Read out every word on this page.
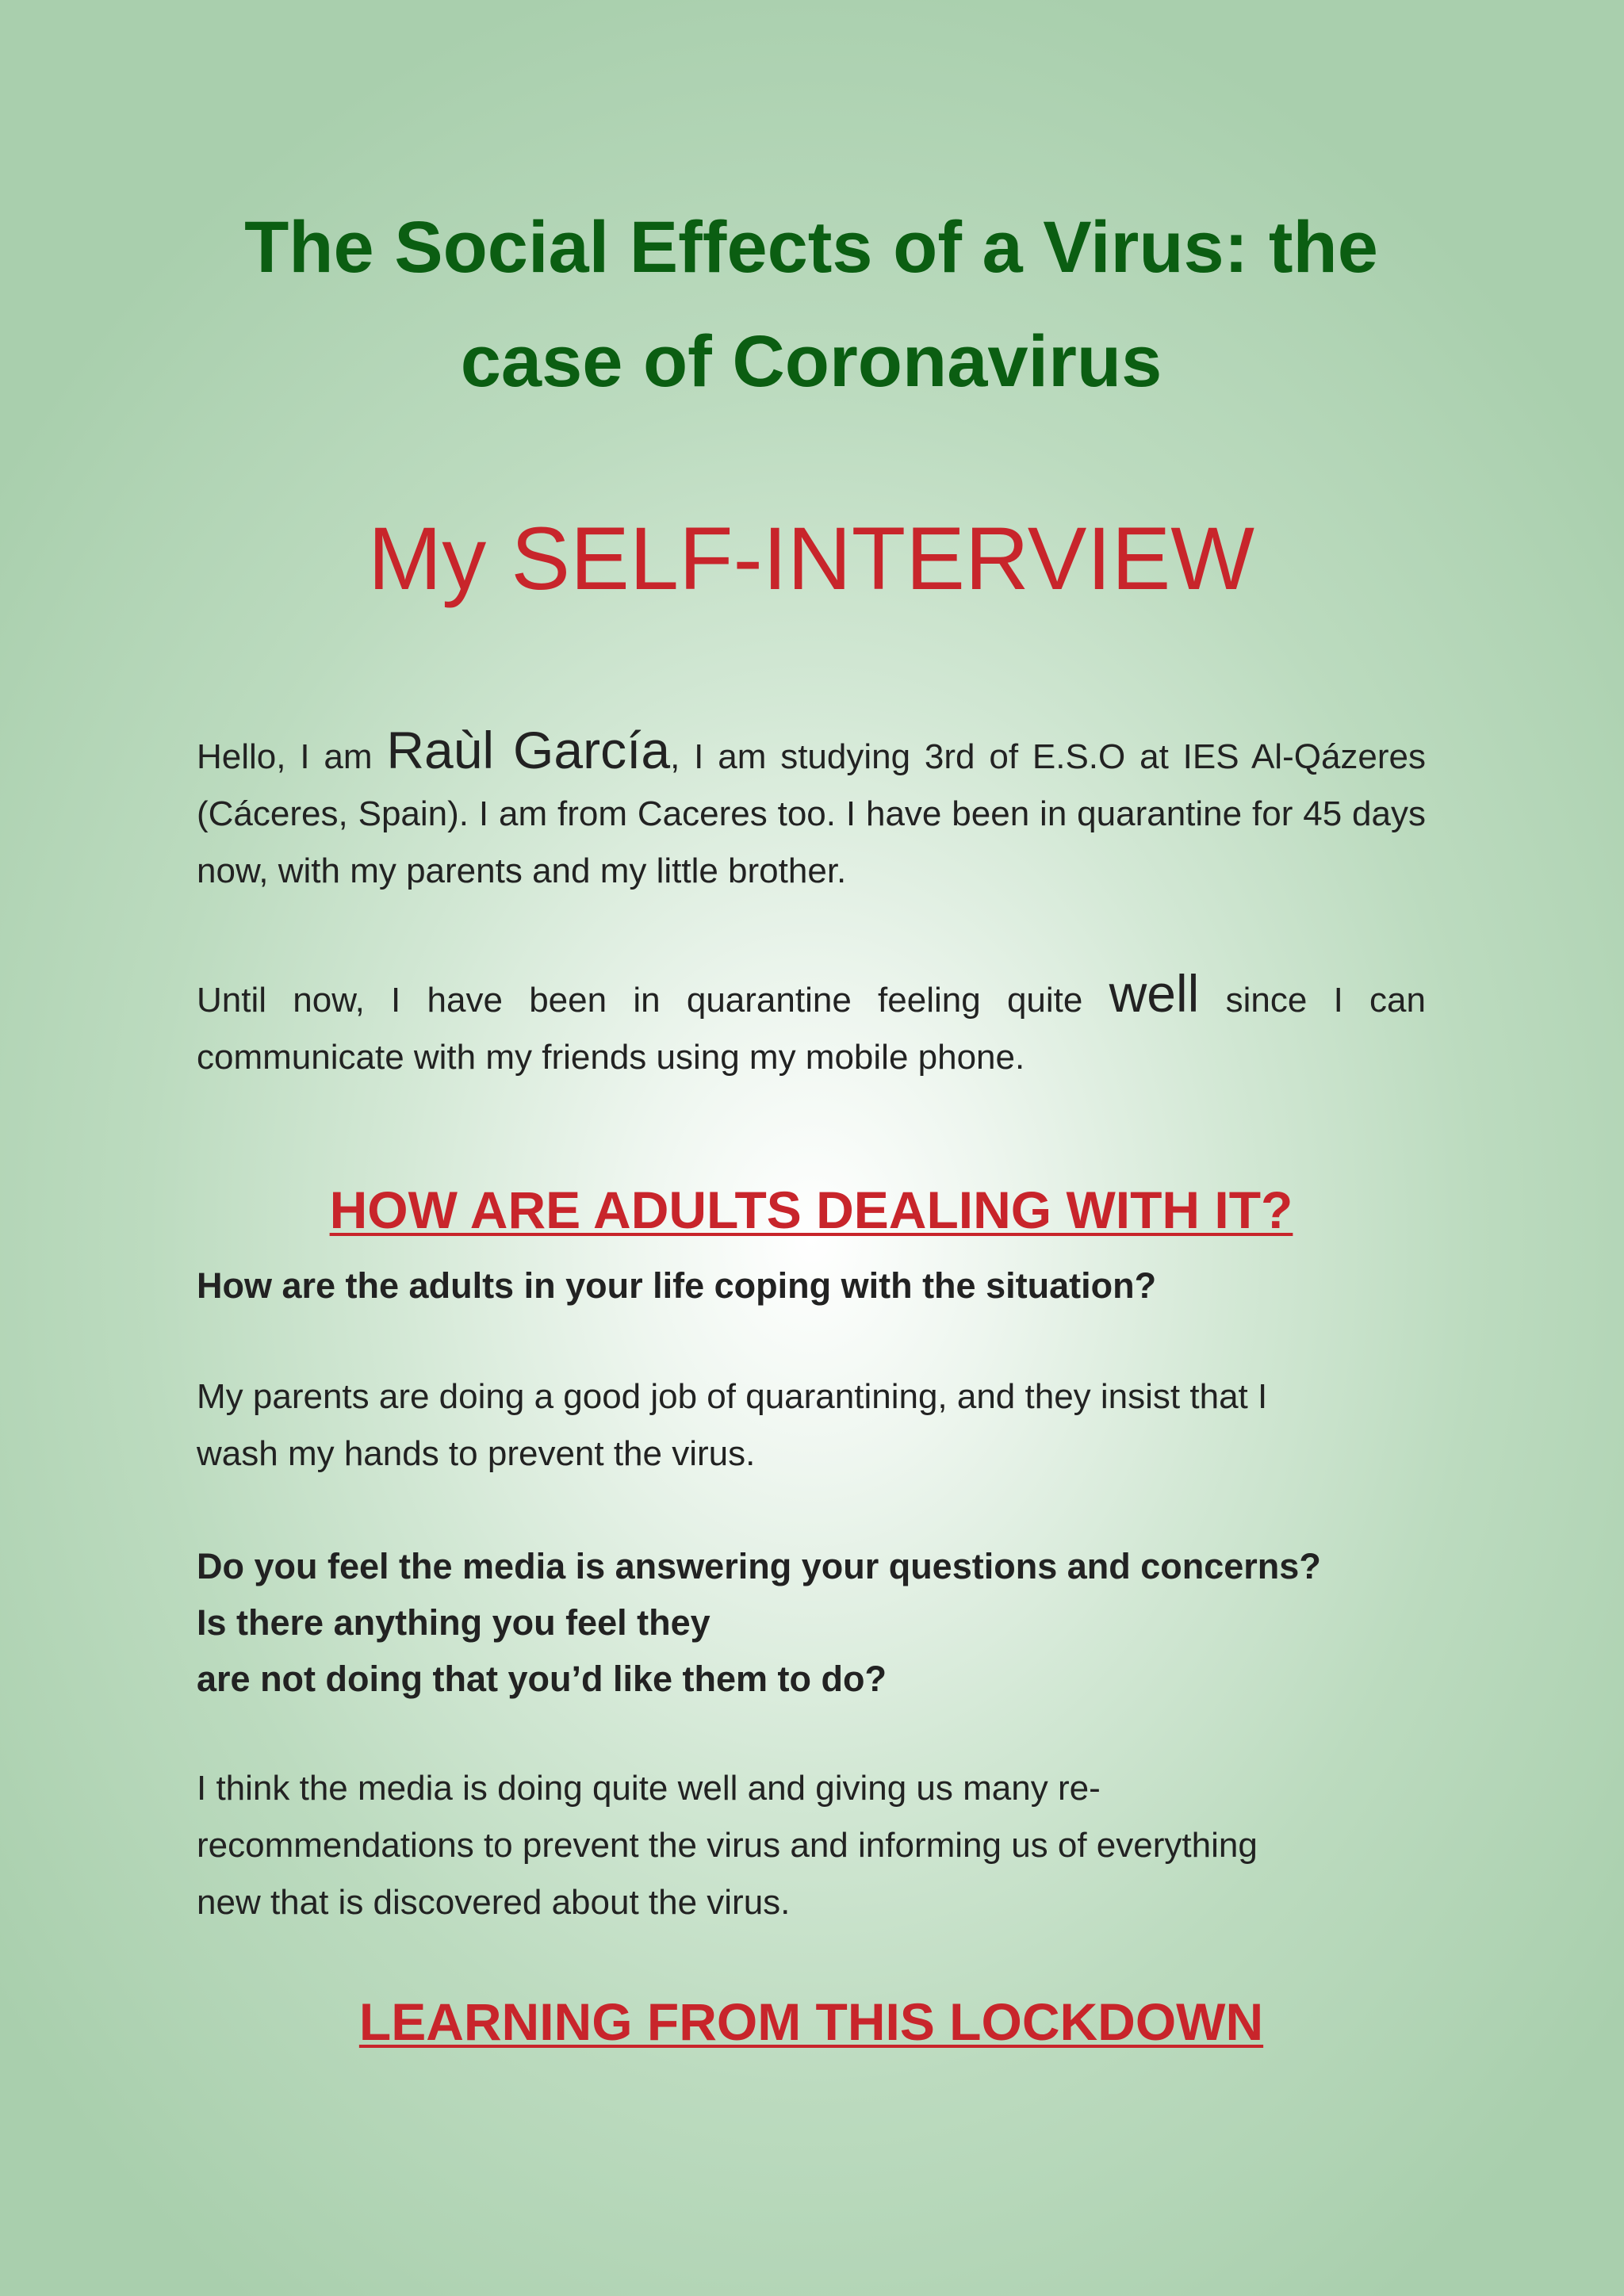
The Social Effects of a Virus: the
case of Coronavirus
My SELF-INTERVIEW

Hello, I am Raùl García, I am studying 3rd of E.S.O at IES Al-Qázeres (Cáceres, Spain). I am from Caceres too. I have been in quarantine for 45 days now, with my parents and my little brother.

Until now, I have been in quarantine feeling quite well since I can communicate with my friends using my mobile phone.

HOW ARE ADULTS DEALING WITH IT?

How are the adults in your life coping with the situation?

My parents are doing a good job of quarantining, and they insist that I
wash my hands to prevent the virus.

Do you feel the media is answering your questions and concerns?
Is there anything you feel they
are not doing that you’d like them to do?

I think the media is doing quite well and giving us many re-
recommendations to prevent the virus and informing us of everything
new that is discovered about the virus.

LEARNING FROM THIS LOCKDOWN
